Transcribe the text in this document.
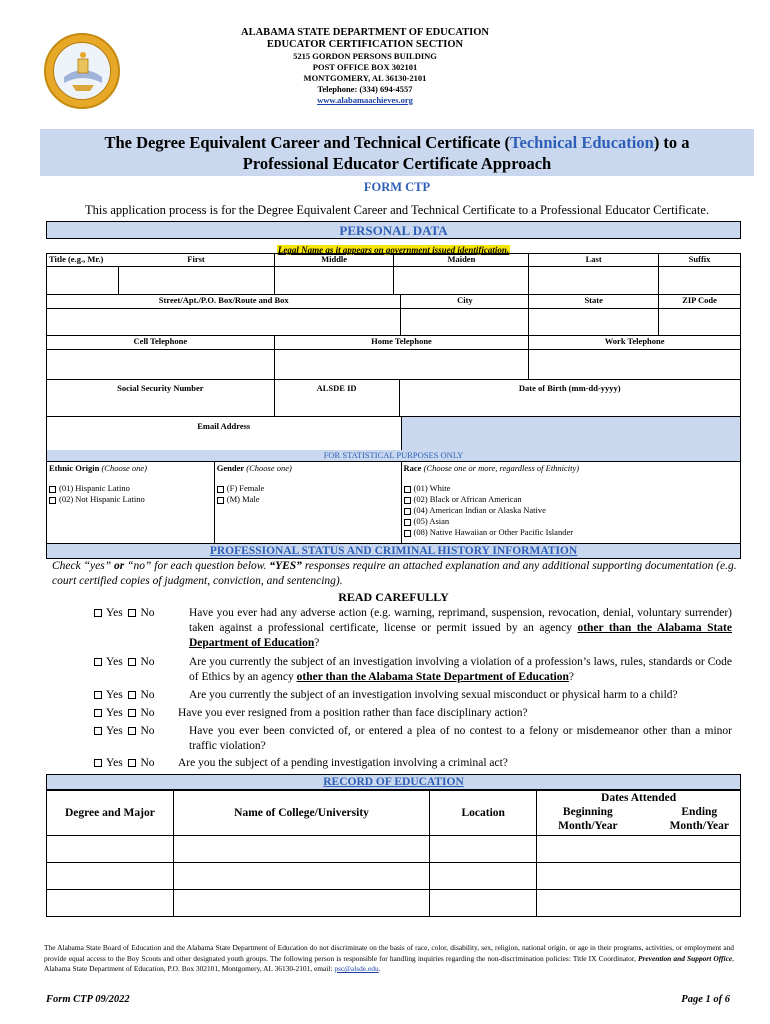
ALABAMA STATE DEPARTMENT OF EDUCATION
EDUCATOR CERTIFICATION SECTION
5215 GORDON PERSONS BUILDING
POST OFFICE BOX 302101
MONTGOMERY, AL 36130-2101
Telephone: (334) 694-4557
www.alabamaachieves.org
The Degree Equivalent Career and Technical Certificate (Technical Education) to a
Professional Educator Certificate Approach
FORM CTP
This application process is for the Degree Equivalent Career and Technical Certificate to a Professional Educator Certificate.
PERSONAL DATA
Legal Name as it appears on government issued identification.
Title (e.g., Mr.)	First	Middle	Maiden	Last	Suffix

Street/Apt./P.O. Box/Route and Box	City	State	ZIP Code

Cell Telephone	Home Telephone	Work Telephone

Social Security Number	ALSDE ID	Date of Birth (mm-dd-yyyy)
Email Address

FOR STATISTICAL PURPOSES ONLY
Ethnic Origin (Choose one)
(01) Hispanic Latino
(02) Not Hispanic Latino

Gender (Choose one)
(F) Female
(M) Male

Race (Choose one or more, regardless of Ethnicity)
(01) White
(02) Black or African American
(04) American Indian or Alaska Native
(05) Asian
(08) Native Hawaiian or Other Pacific Islander
PROFESSIONAL STATUS AND CRIMINAL HISTORY INFORMATION
Check “yes” or “no” for each question below. “YES” responses require an attached explanation and any additional supporting documentation (e.g. court certified copies of judgment, conviction, and sentencing).
READ CAREFULLY
Yes No	Have you ever had any adverse action (e.g. warning, reprimand, suspension, revocation, denial, voluntary surrender) taken against a professional certificate, license or permit issued by an agency other than the Alabama State Department of Education?
Yes No	Are you currently the subject of an investigation involving a violation of a profession’s laws, rules, standards or Code of Ethics by an agency other than the Alabama State Department of Education?
Yes No	Are you currently the subject of an investigation involving sexual misconduct or physical harm to a child?
Yes No Have you ever resigned from a position rather than face disciplinary action?
Yes No	Have you ever been convicted of, or entered a plea of no contest to a felony or misdemeanor other than a minor traffic violation?
Yes No Are you the subject of a pending investigation involving a criminal act?
RECORD OF EDUCATION
Degree and Major	Name of College/University	Location	Dates Attended
Beginning
Month/Year
Ending
Month/Year

The Alabama State Board of Education and the Alabama State Department of Education do not discriminate on the basis of race, color, disability, sex, religion, national origin, or age in their programs, activities, or employment and provide equal access to the Boy Scouts and other designated youth groups. The following person is responsible for handling inquiries regarding the non-discrimination policies: Title IX Coordinator, Prevention and Support Office, Alabama State Department of Education, P.O. Box 302101, Montgomery, AL 36130-2101, email: psc@alsde.edu.
Form CTP 09/2022	Page 1 of 6
